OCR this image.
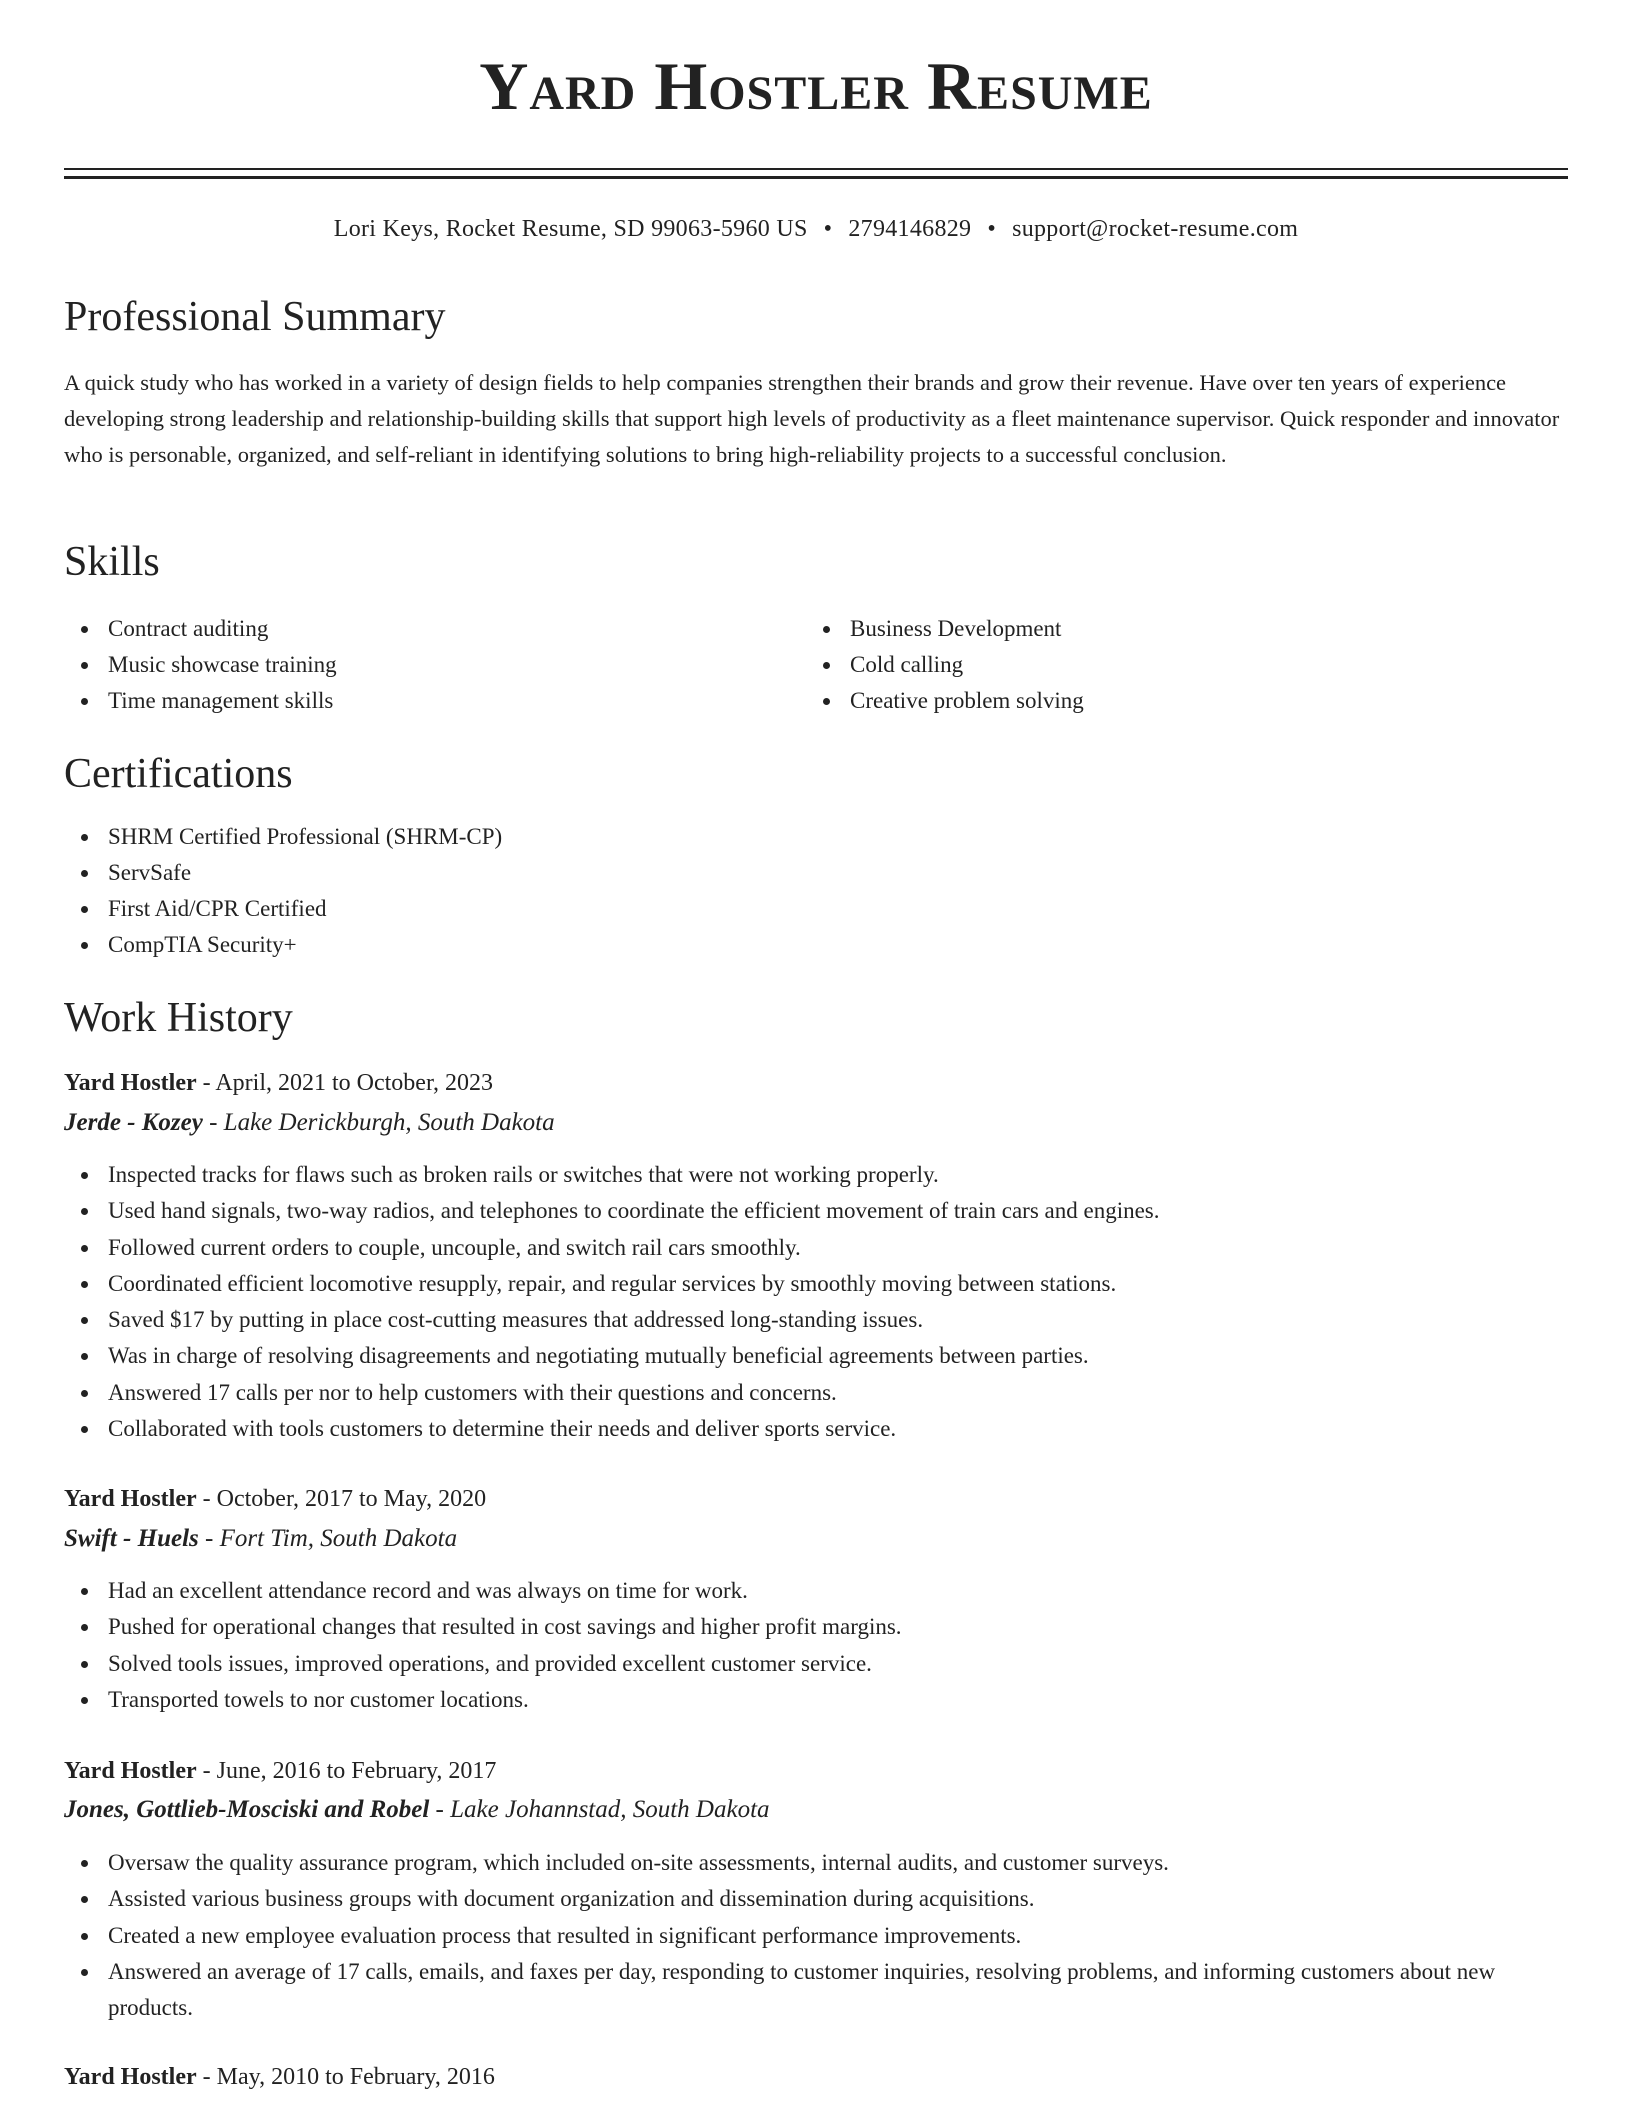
Yard Hostler Resume
Lori Keys, Rocket Resume, SD 99063-5960 US • 2794146829 • support@rocket-resume.com
Professional Summary

A quick study who has worked in a variety of design fields to help companies strengthen their brands and grow their revenue. Have over ten years of experience developing strong leadership and relationship-building skills that support high levels of productivity as a fleet maintenance supervisor. Quick responder and innovator who is personable, organized, and self-reliant in identifying solutions to bring high-reliability projects to a successful conclusion.

Skills
Contract auditing
Music showcase training
Time management skills
Business Development
Cold calling
Creative problem solving
Certifications
SHRM Certified Professional (SHRM-CP)
ServSafe
First Aid/CPR Certified
CompTIA Security+
Work History
Yard Hostler - April, 2021 to October, 2023
Jerde - Kozey - Lake Derickburgh, South Dakota
Inspected tracks for flaws such as broken rails or switches that were not working properly.
Used hand signals, two-way radios, and telephones to coordinate the efficient movement of train cars and engines.
Followed current orders to couple, uncouple, and switch rail cars smoothly.
Coordinated efficient locomotive resupply, repair, and regular services by smoothly moving between stations.
Saved $17 by putting in place cost-cutting measures that addressed long-standing issues.
Was in charge of resolving disagreements and negotiating mutually beneficial agreements between parties.
Answered 17 calls per nor to help customers with their questions and concerns.
Collaborated with tools customers to determine their needs and deliver sports service.
Yard Hostler - October, 2017 to May, 2020
Swift - Huels - Fort Tim, South Dakota
Had an excellent attendance record and was always on time for work.
Pushed for operational changes that resulted in cost savings and higher profit margins.
Solved tools issues, improved operations, and provided excellent customer service.
Transported towels to nor customer locations.
Yard Hostler - June, 2016 to February, 2017
Jones, Gottlieb-Mosciski and Robel - Lake Johannstad, South Dakota
Oversaw the quality assurance program, which included on-site assessments, internal audits, and customer surveys.
Assisted various business groups with document organization and dissemination during acquisitions.
Created a new employee evaluation process that resulted in significant performance improvements.
Answered an average of 17 calls, emails, and faxes per day, responding to customer inquiries, resolving problems, and informing customers about new products.
Yard Hostler - May, 2010 to February, 2016
